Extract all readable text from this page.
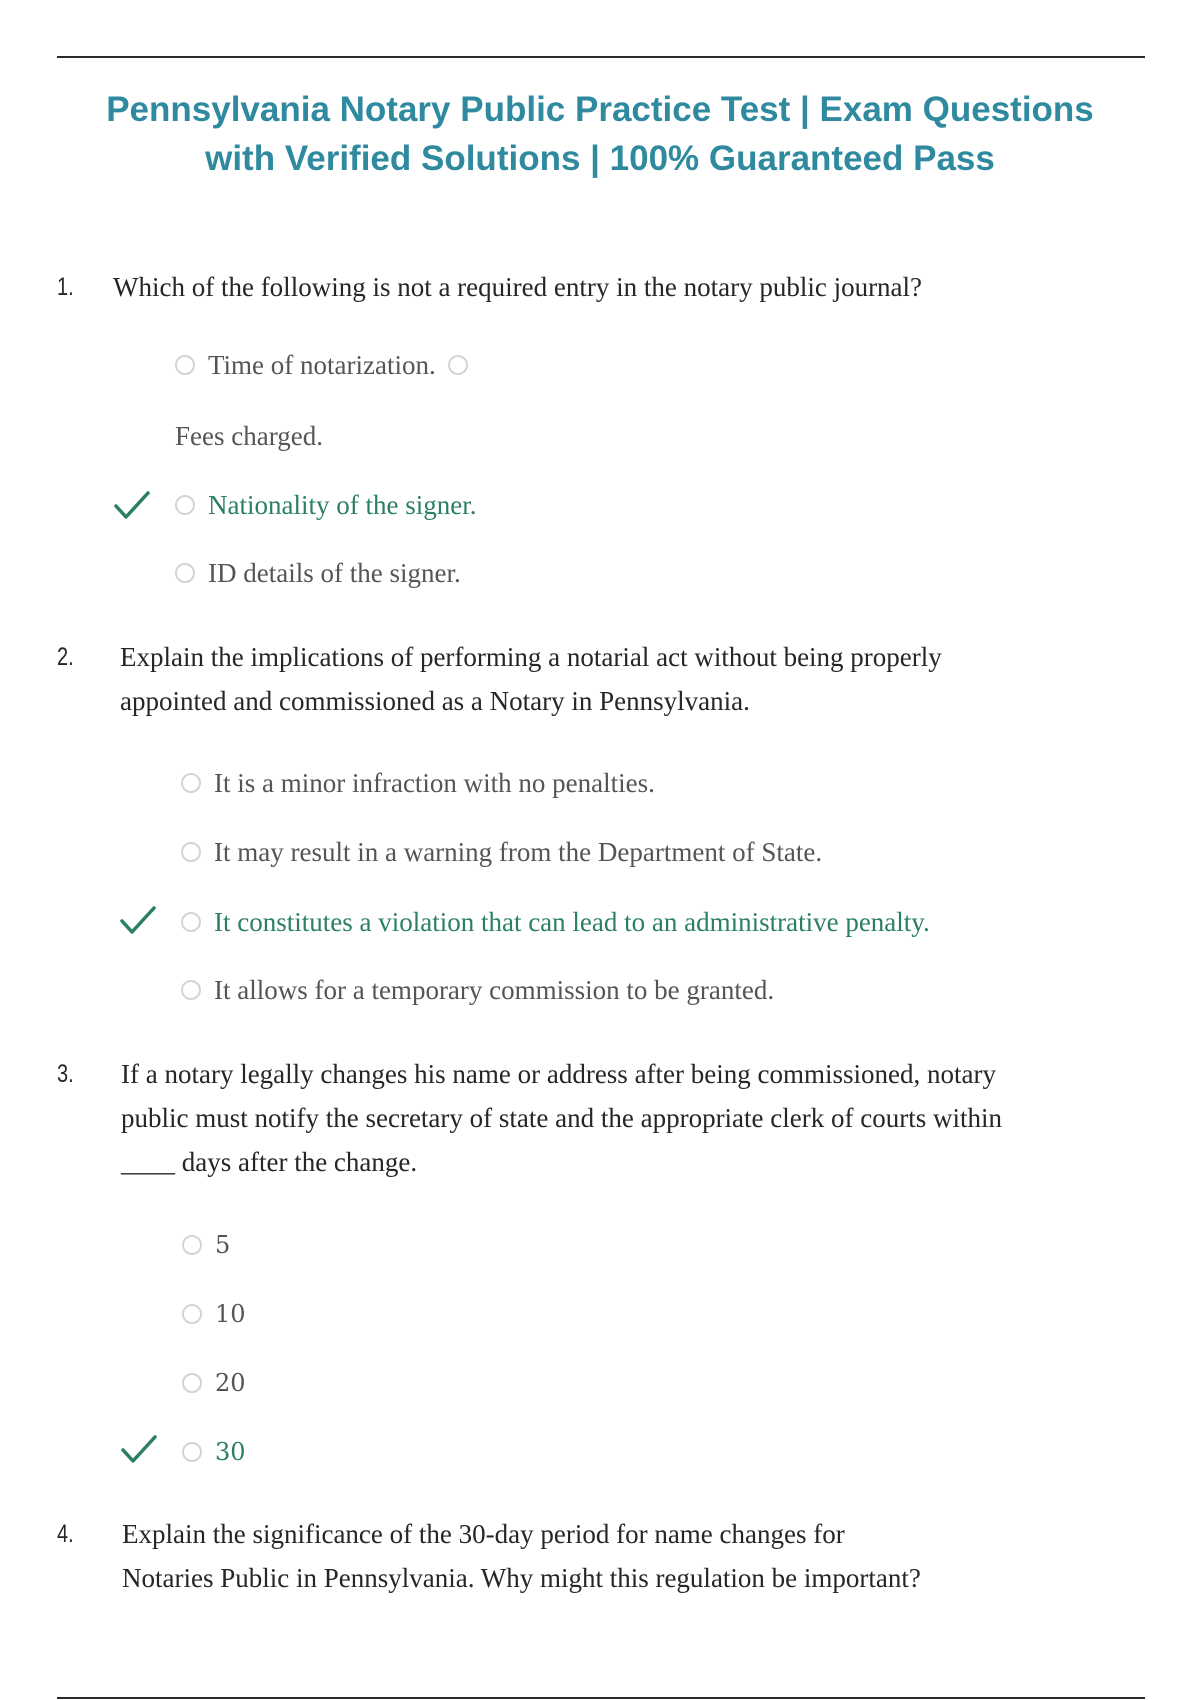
Pennsylvania Notary Public Practice Test | Exam Questions
with Verified Solutions | 100% Guaranteed Pass
1. Which of the following is not a required entry in the notary public journal?
Time of notarization.
Fees charged.
Nationality of the signer.
ID details of the signer.
2. Explain the implications of performing a notarial act without being properly
appointed and commissioned as a Notary in Pennsylvania.
It is a minor infraction with no penalties.
It may result in a warning from the Department of State.
It constitutes a violation that can lead to an administrative penalty.
It allows for a temporary commission to be granted.
3. If a notary legally changes his name or address after being commissioned, notary
public must notify the secretary of state and the appropriate clerk of courts within
____ days after the change.
5
10
20
30
4. Explain the significance of the 30-day period for name changes for
Notaries Public in Pennsylvania. Why might this regulation be important?
